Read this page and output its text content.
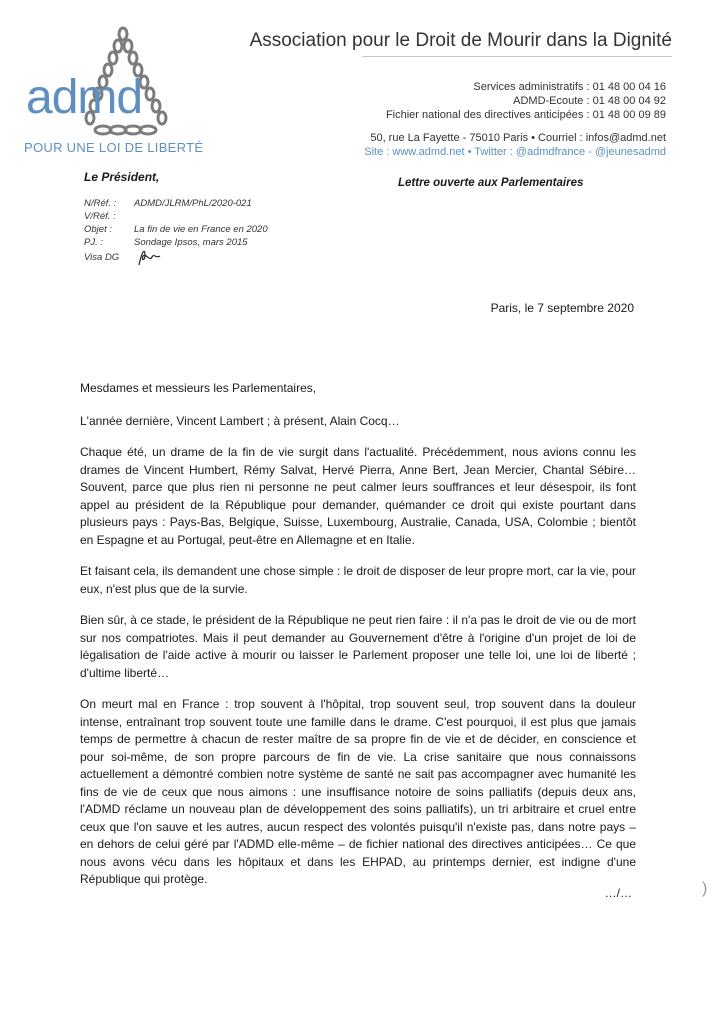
admd
POUR UNE LOI DE LIBERTÉ
Association pour le Droit de Mourir dans la Dignité
Services administratifs : 01 48 00 04 16
ADMD-Ecoute : 01 48 00 04 92
Fichier national des directives anticipées : 01 48 00 09 89
50, rue La Fayette - 75010 Paris • Courriel : infos@admd.net
Site : www.admd.net • Twitter : @admdfrance - @jeunesadmd
Le Président,	Lettre ouverte aux Parlementaires
N/Réf. : ADMD/JLRM/PhL/2020-021
V/Réf. :
Objet : La fin de vie en France en 2020
PJ. :	Sondage Ipsos, mars 2015
Visa DG
Paris, le 7 septembre 2020

Mesdames et messieurs les Parlementaires,

L'année dernière, Vincent Lambert ; à présent, Alain Cocq…

Chaque été, un drame de la fin de vie surgit dans l'actualité. Précédemment, nous avions connu les drames de Vincent Humbert, Rémy Salvat, Hervé Pierra, Anne Bert, Jean Mercier, Chantal Sébire… Souvent, parce que plus rien ni personne ne peut calmer leurs souffrances et leur désespoir, ils font appel au président de la République pour demander, quémander ce droit qui existe pourtant dans plusieurs pays : Pays-Bas, Belgique, Suisse, Luxembourg, Australie, Canada, USA, Colombie ; bientôt en Espagne et au Portugal, peut-être en Allemagne et en Italie.

Et faisant cela, ils demandent une chose simple : le droit de disposer de leur propre mort, car la vie, pour eux, n'est plus que de la survie.

Bien sûr, à ce stade, le président de la République ne peut rien faire : il n'a pas le droit de vie ou de mort sur nos compatriotes. Mais il peut demander au Gouvernement d'être à l'origine d'un projet de loi de légalisation de l'aide active à mourir ou laisser le Parlement proposer une telle loi, une loi de liberté ; d'ultime liberté…

On meurt mal en France : trop souvent à l'hôpital, trop souvent seul, trop souvent dans la douleur intense, entraînant trop souvent toute une famille dans le drame. C'est pourquoi, il est plus que jamais temps de permettre à chacun de rester maître de sa propre fin de vie et de décider, en conscience et pour soi-même, de son propre parcours de fin de vie. La crise sanitaire que nous connaissons actuellement a démontré combien notre système de santé ne sait pas accompagner avec humanité les fins de vie de ceux que nous aimons : une insuffisance notoire de soins palliatifs (depuis deux ans, l'ADMD réclame un nouveau plan de développement des soins palliatifs), un tri arbitraire et cruel entre ceux que l'on sauve et les autres, aucun respect des volontés puisqu'il n'existe pas, dans notre pays – en dehors de celui géré par l'ADMD elle-même – de fichier national des directives anticipées… Ce que nous avons vécu dans les hôpitaux et dans les EHPAD, au printemps dernier, est indigne d'une République qui protège.

…/…	)
